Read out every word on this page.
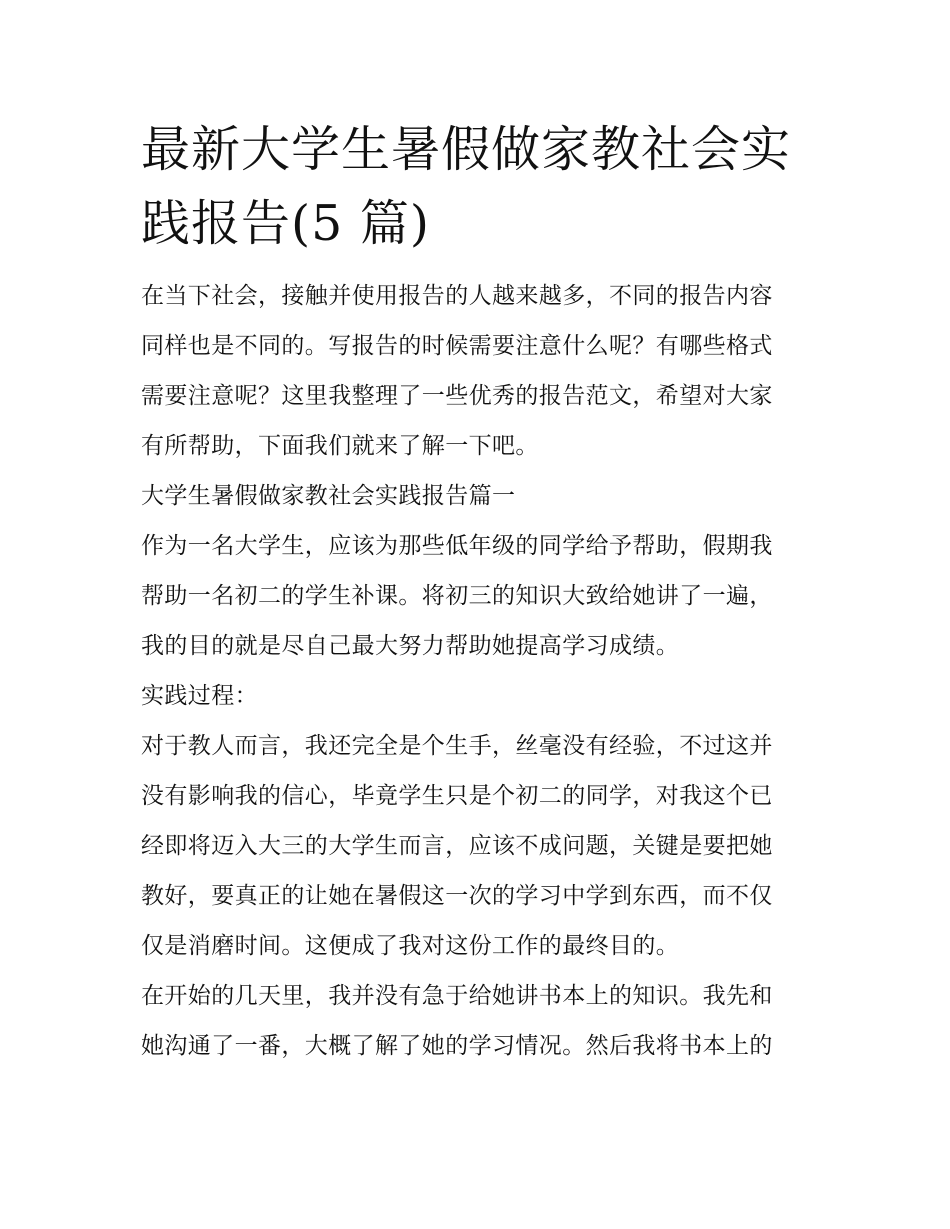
最新大学生暑假做家教社会实
践报告(5 篇)

在当下社会，接触并使用报告的人越来越多，不同的报告内容
同样也是不同的。写报告的时候需要注意什么呢？有哪些格式
需要注意呢？这里我整理了一些优秀的报告范文，希望对大家
有所帮助，下面我们就来了解一下吧。

大学生暑假做家教社会实践报告篇一

作为一名大学生，应该为那些低年级的同学给予帮助，假期我
帮助一名初二的学生补课。将初三的知识大致给她讲了一遍，
我的目的就是尽自己最大努力帮助她提高学习成绩。

实践过程：

对于教人而言，我还完全是个生手，丝毫没有经验，不过这并
没有影响我的信心，毕竟学生只是个初二的同学，对我这个已
经即将迈入大三的大学生而言，应该不成问题，关键是要把她
教好，要真正的让她在暑假这一次的学习中学到东西，而不仅
仅是消磨时间。这便成了我对这份工作的最终目的。

在开始的几天里，我并没有急于给她讲书本上的知识。我先和
她沟通了一番，大概了解了她的学习情况。然后我将书本上的
